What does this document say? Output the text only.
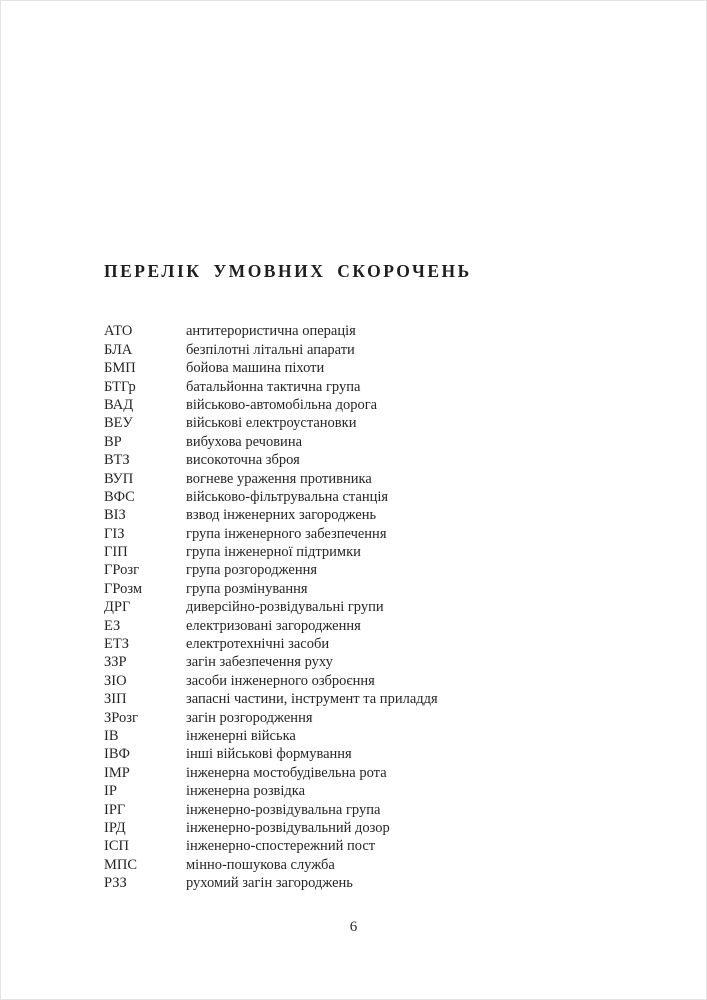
ПЕРЕЛІК УМОВНИХ СКОРОЧЕНЬ
АТО	антитерористична операція
БЛА	безпілотні літальні апарати
БМП	бойова машина піхоти
БТГр	батальйонна тактична група
ВАД	військово-автомобільна дорога
ВЕУ	військові електроустановки
ВР	вибухова речовина
ВТЗ	високоточна зброя
ВУП	вогневе ураження противника
ВФС	військово-фільтрувальна станція
ВІЗ	взвод інженерних загороджень
ГІЗ	група інженерного забезпечення
ГІП	група інженерної підтримки
ГРозг	група розгородження
ГРозм	група розмінування
ДРГ	диверсійно-розвідувальні групи
ЕЗ	електризовані загородження
ЕТЗ	електротехнічні засоби
ЗЗР	загін забезпечення руху
ЗІО	засоби інженерного озброєння
ЗІП	запасні частини, інструмент та приладдя
ЗРозг	загін розгородження
ІВ	інженерні війська
ІВФ	інші військові формування
ІМР	інженерна мостобудівельна рота
ІР	інженерна розвідка
ІРГ	інженерно-розвідувальна група
ІРД	інженерно-розвідувальний дозор
ІСП	інженерно-спостережний пост
МПС	мінно-пошукова служба
РЗЗ	рухомий загін загороджень
6
